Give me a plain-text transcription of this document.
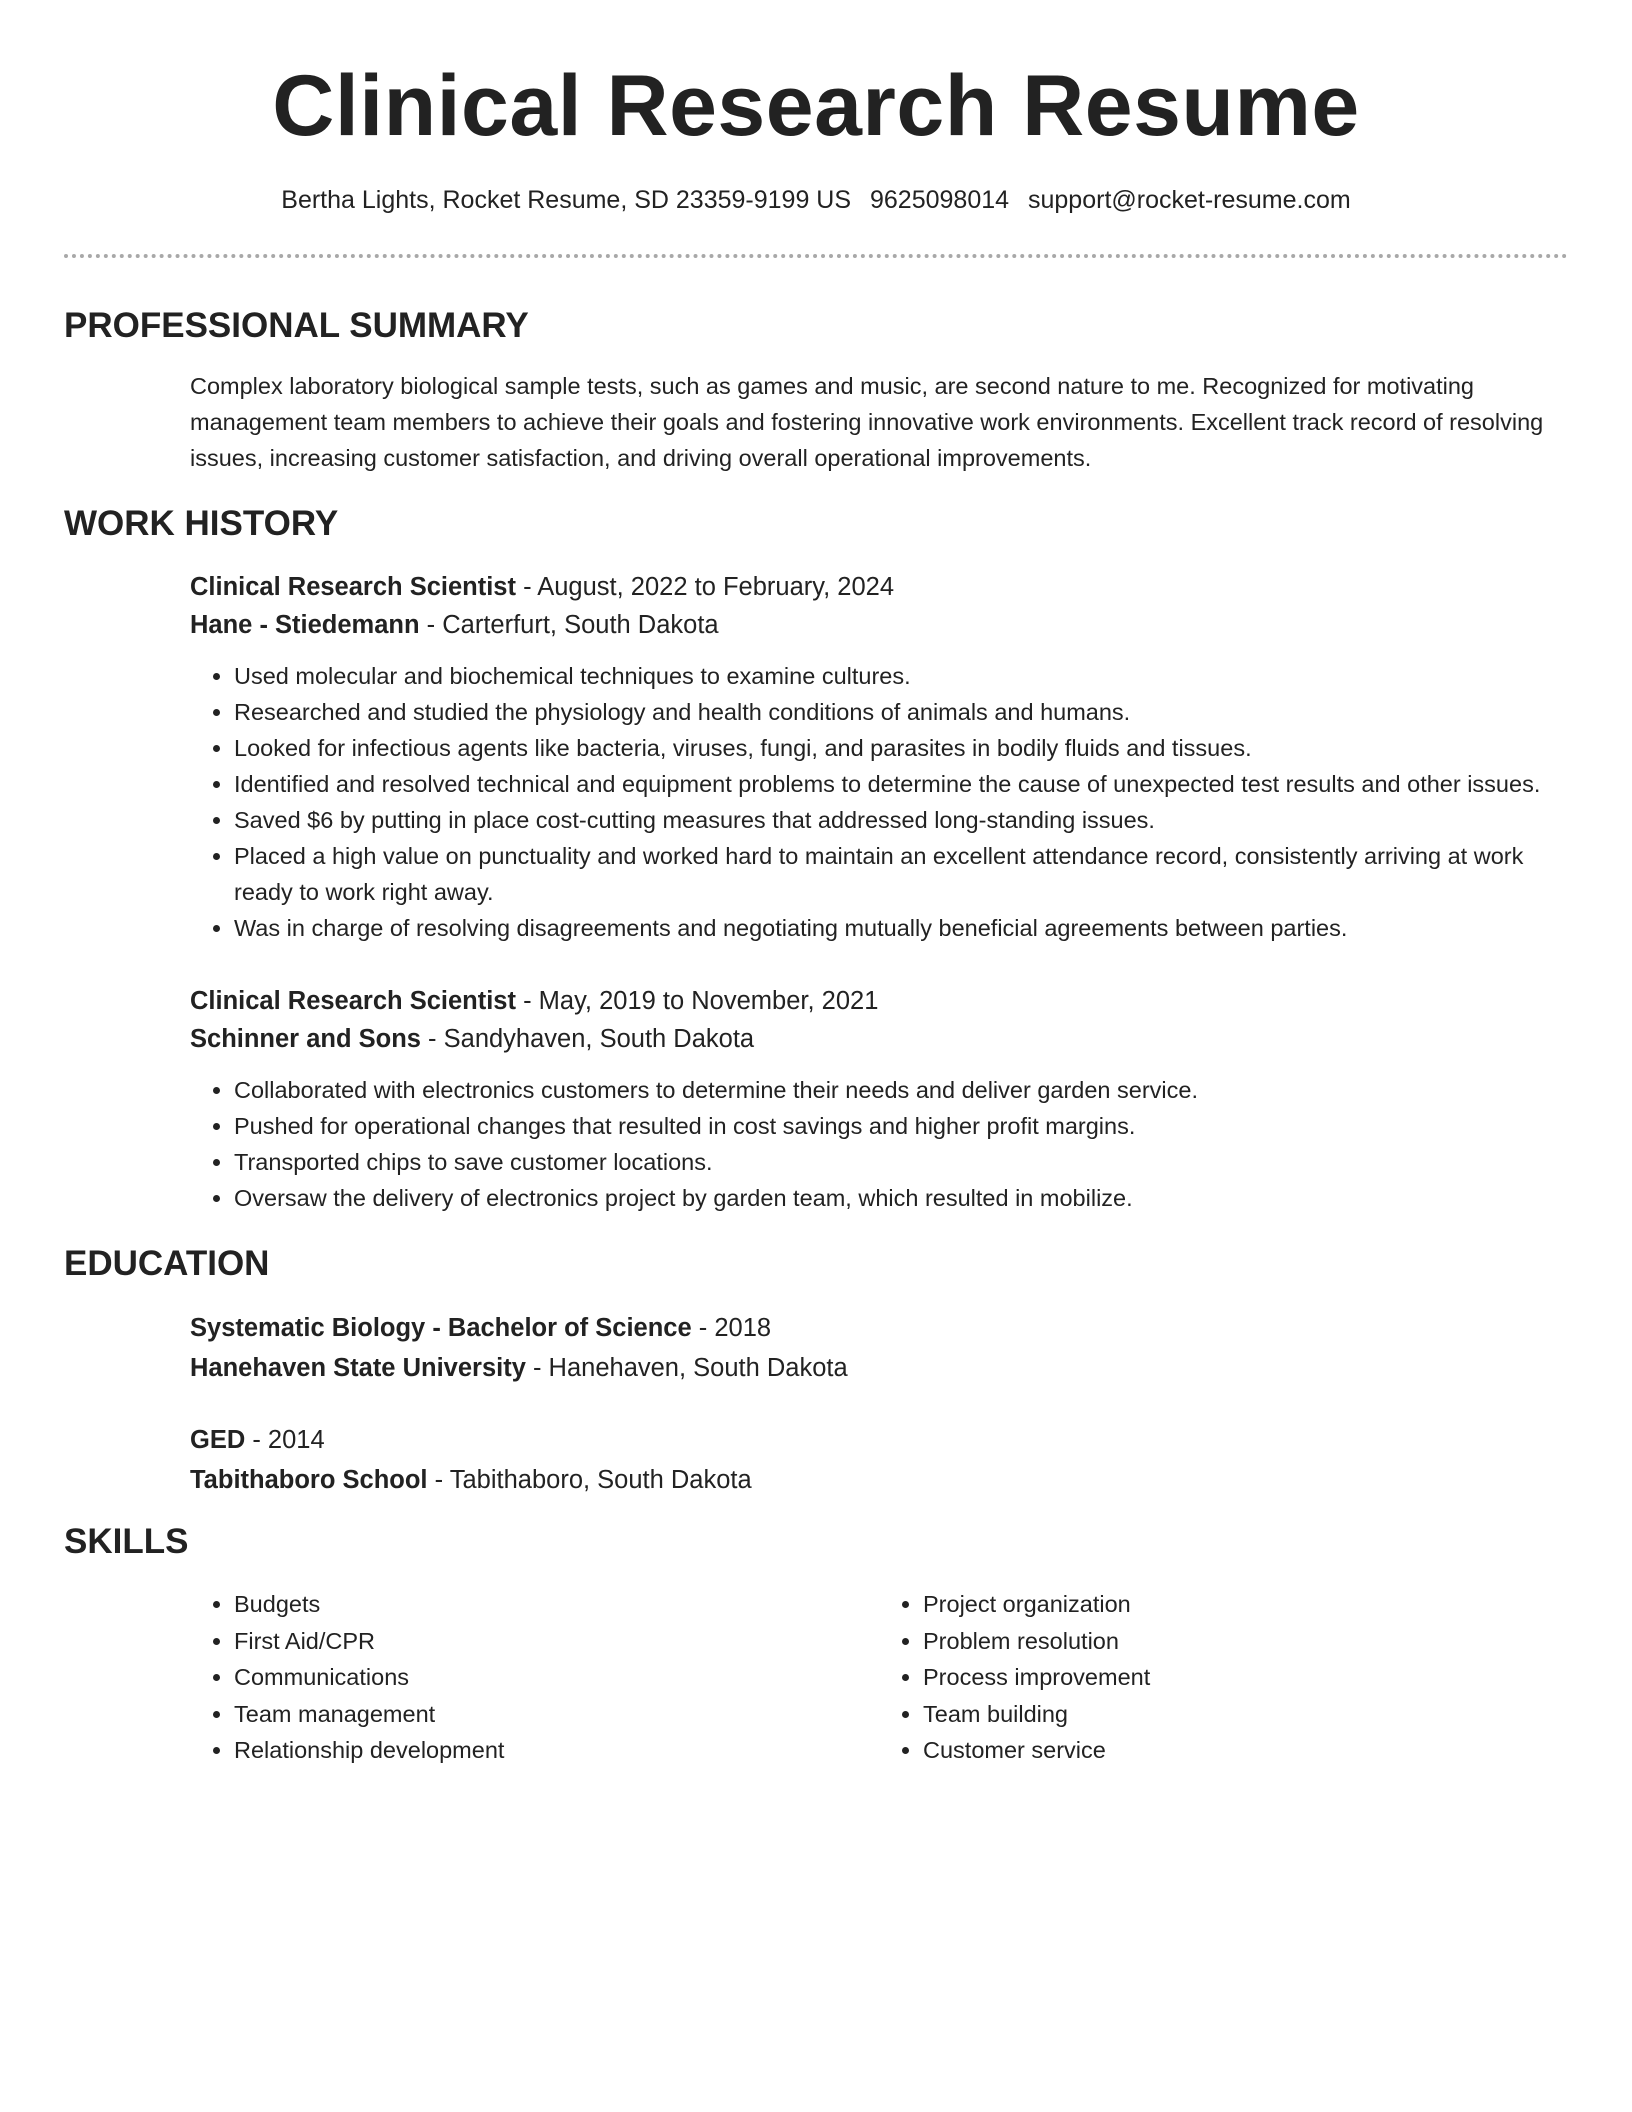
Clinical Research Resume
Bertha Lights, Rocket Resume, SD 23359-9199 US 9625098014 support@rocket-resume.com
PROFESSIONAL SUMMARY

Complex laboratory biological sample tests, such as games and music, are second nature to me. Recognized for motivating management team members to achieve their goals and fostering innovative work environments. Excellent track record of resolving issues, increasing customer satisfaction, and driving overall operational improvements.

WORK HISTORY
Clinical Research Scientist - August, 2022 to February, 2024
Hane - Stiedemann - Carterfurt, South Dakota
• Used molecular and biochemical techniques to examine cultures.
• Researched and studied the physiology and health conditions of animals and humans.
• Looked for infectious agents like bacteria, viruses, fungi, and parasites in bodily fluids and tissues.
• Identified and resolved technical and equipment problems to determine the cause of unexpected test results and other issues.
• Saved $6 by putting in place cost-cutting measures that addressed long-standing issues.
• Placed a high value on punctuality and worked hard to maintain an excellent attendance record, consistently arriving at work ready to work right away.
• Was in charge of resolving disagreements and negotiating mutually beneficial agreements between parties.
Clinical Research Scientist - May, 2019 to November, 2021
Schinner and Sons - Sandyhaven, South Dakota
• Collaborated with electronics customers to determine their needs and deliver garden service.
• Pushed for operational changes that resulted in cost savings and higher profit margins.
• Transported chips to save customer locations.
• Oversaw the delivery of electronics project by garden team, which resulted in mobilize.
EDUCATION
Systematic Biology - Bachelor of Science - 2018
Hanehaven State University - Hanehaven, South Dakota
GED - 2014
Tabithaboro School - Tabithaboro, South Dakota
SKILLS
• Budgets
• First Aid/CPR
• Communications
• Team management
• Relationship development
• Project organization
• Problem resolution
• Process improvement
• Team building
• Customer service
